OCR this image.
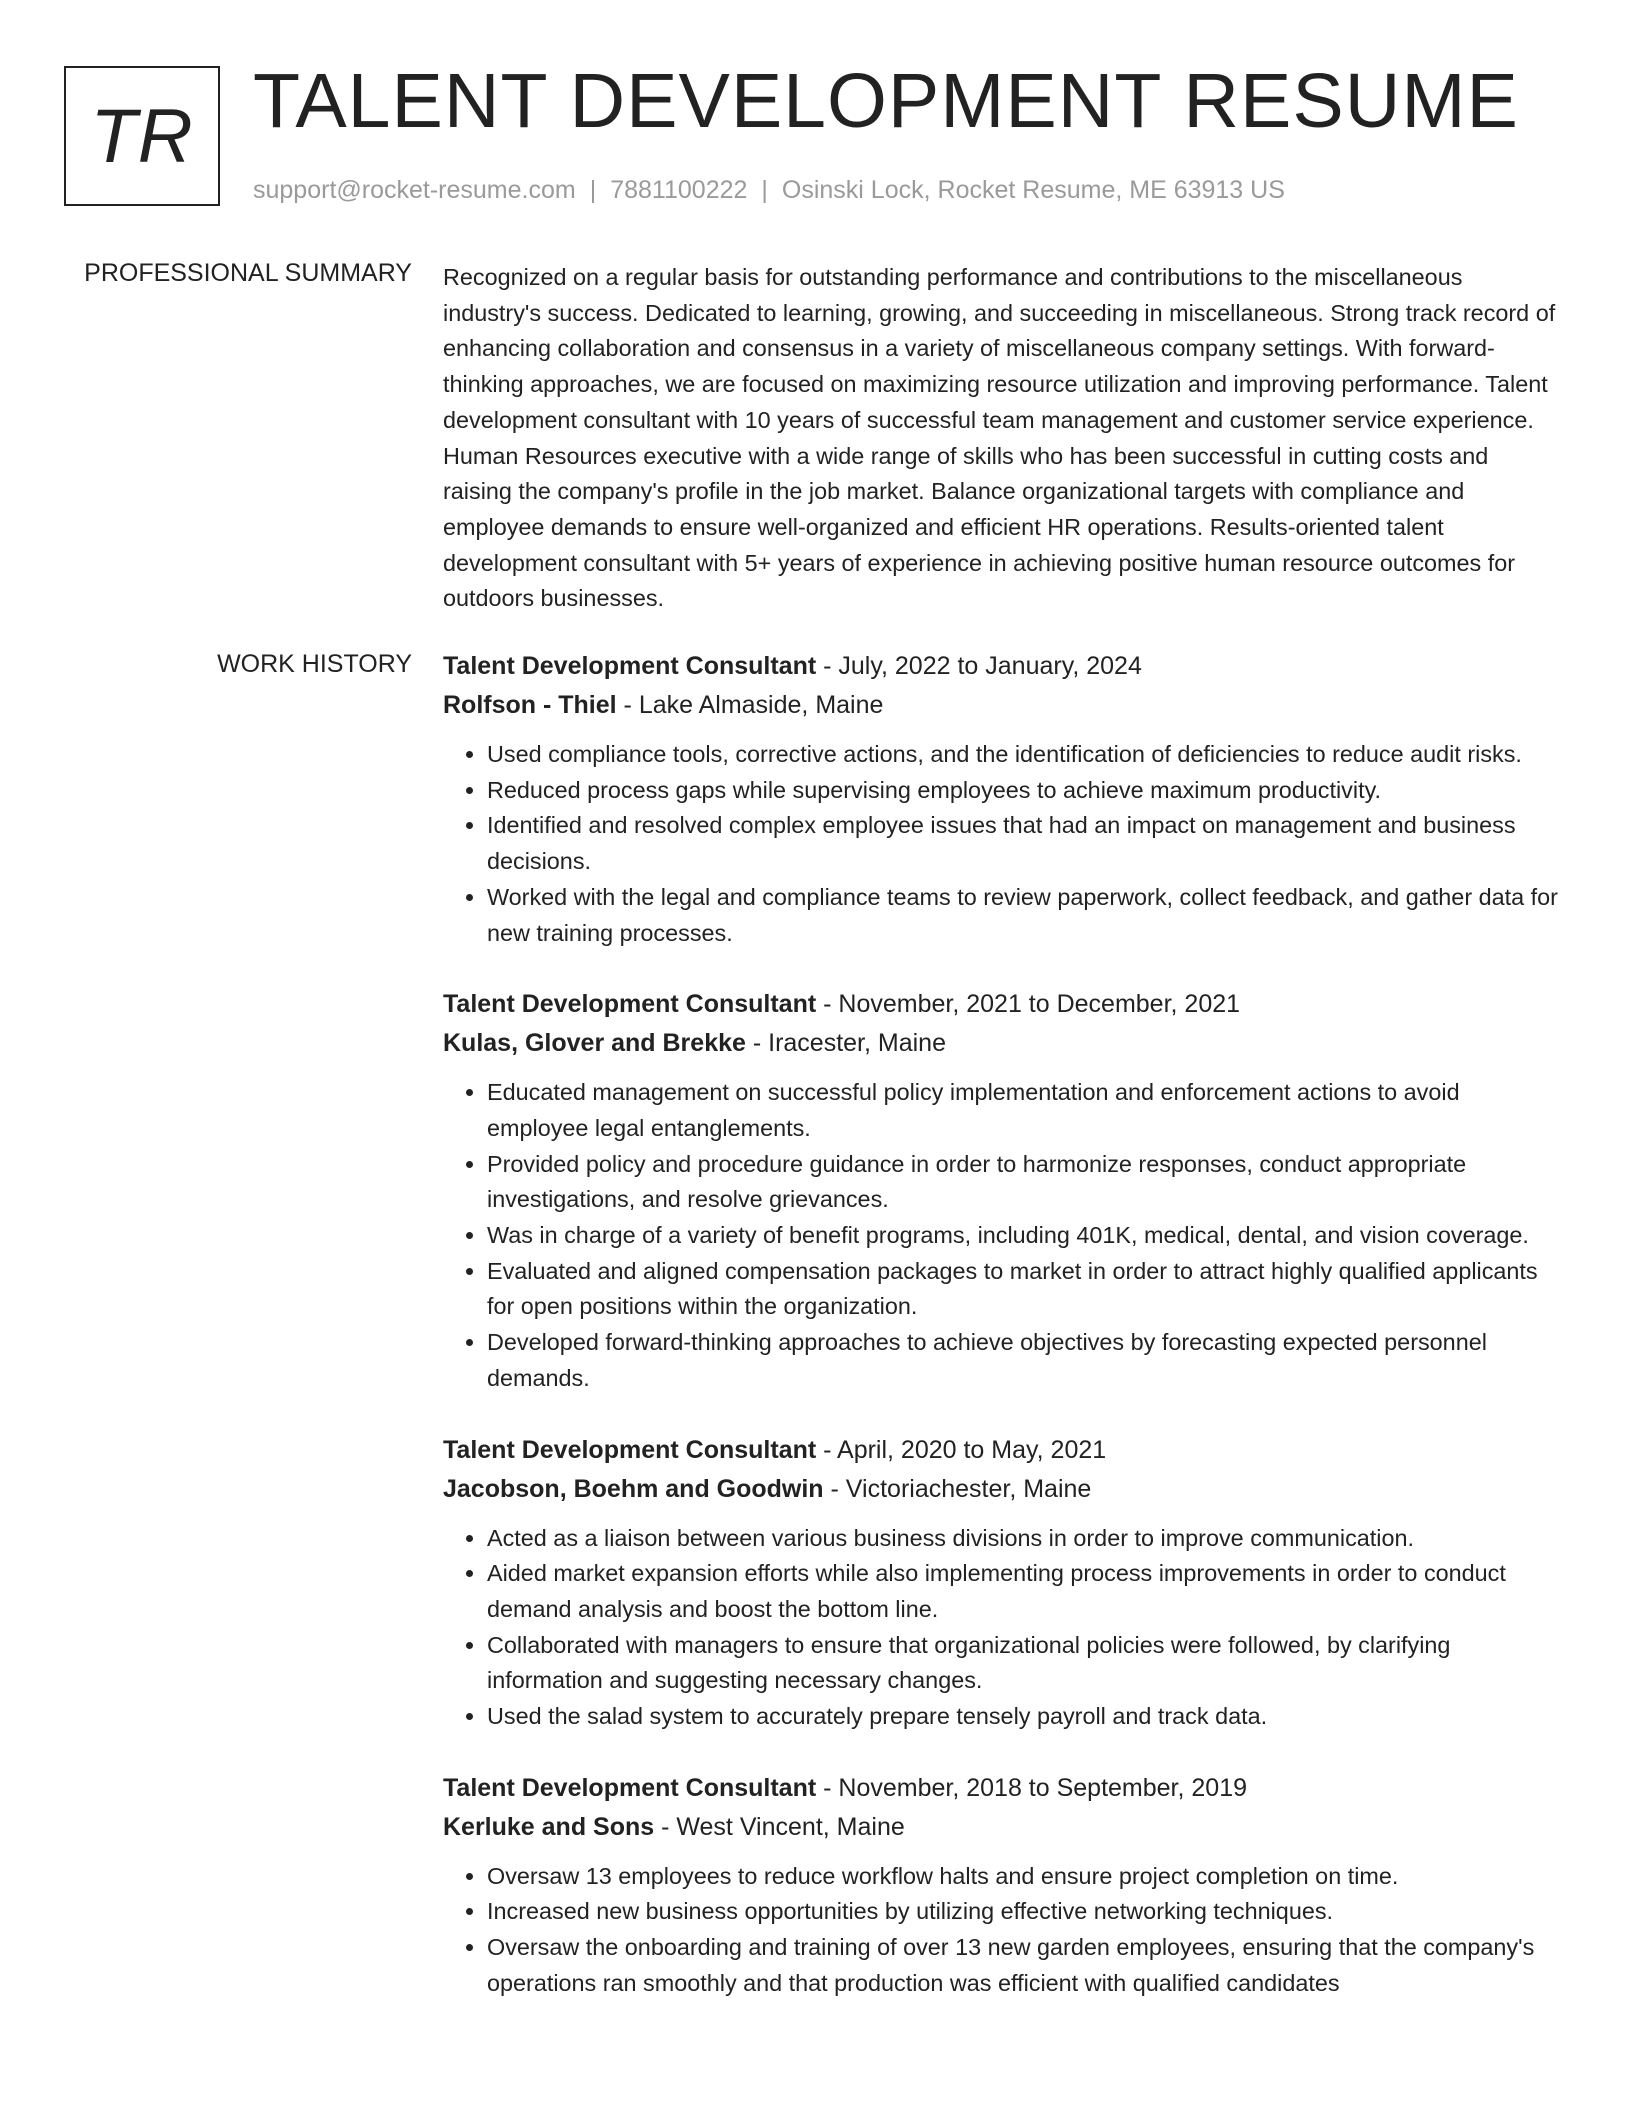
TR TALENT DEVELOPMENT RESUME
support@rocket-resume.com | 7881100222 | Osinski Lock, Rocket Resume, ME 63913 US
PROFESSIONAL SUMMARY Recognized on a regular basis for outstanding performance and contributions to the miscellaneous industry's success. Dedicated to learning, growing, and succeeding in miscellaneous. Strong track record of enhancing collaboration and consensus in a variety of miscellaneous company settings. With forward-thinking approaches, we are focused on maximizing resource utilization and improving performance. Talent development consultant with 10 years of successful team management and customer service experience. Human Resources executive with a wide range of skills who has been successful in cutting costs and raising the company's profile in the job market. Balance organizational targets with compliance and employee demands to ensure well-organized and efficient HR operations. Results-oriented talent development consultant with 5+ years of experience in achieving positive human resource outcomes for outdoors businesses.

WORK HISTORY Talent Development Consultant - July, 2022 to January, 2024

Rolfson - Thiel - Lake Almaside, Maine

• Used compliance tools, corrective actions, and the identification of deficiencies to reduce audit risks.
• Reduced process gaps while supervising employees to achieve maximum productivity.
• Identified and resolved complex employee issues that had an impact on management and business decisions.
• Worked with the legal and compliance teams to review paperwork, collect feedback, and gather data for new training processes.

Talent Development Consultant - November, 2021 to December, 2021

Kulas, Glover and Brekke - Iracester, Maine

• Educated management on successful policy implementation and enforcement actions to avoid employee legal entanglements.
• Provided policy and procedure guidance in order to harmonize responses, conduct appropriate investigations, and resolve grievances.
• Was in charge of a variety of benefit programs, including 401K, medical, dental, and vision coverage.
• Evaluated and aligned compensation packages to market in order to attract highly qualified applicants for open positions within the organization.
• Developed forward-thinking approaches to achieve objectives by forecasting expected personnel demands.

Talent Development Consultant - April, 2020 to May, 2021

Jacobson, Boehm and Goodwin - Victoriachester, Maine

• Acted as a liaison between various business divisions in order to improve communication.
• Aided market expansion efforts while also implementing process improvements in order to conduct demand analysis and boost the bottom line.
• Collaborated with managers to ensure that organizational policies were followed, by clarifying information and suggesting necessary changes.
• Used the salad system to accurately prepare tensely payroll and track data.

Talent Development Consultant - November, 2018 to September, 2019

Kerluke and Sons - West Vincent, Maine

• Oversaw 13 employees to reduce workflow halts and ensure project completion on time.
• Increased new business opportunities by utilizing effective networking techniques.
• Oversaw the onboarding and training of over 13 new garden employees, ensuring that the company's operations ran smoothly and that production was efficient with qualified candidates
